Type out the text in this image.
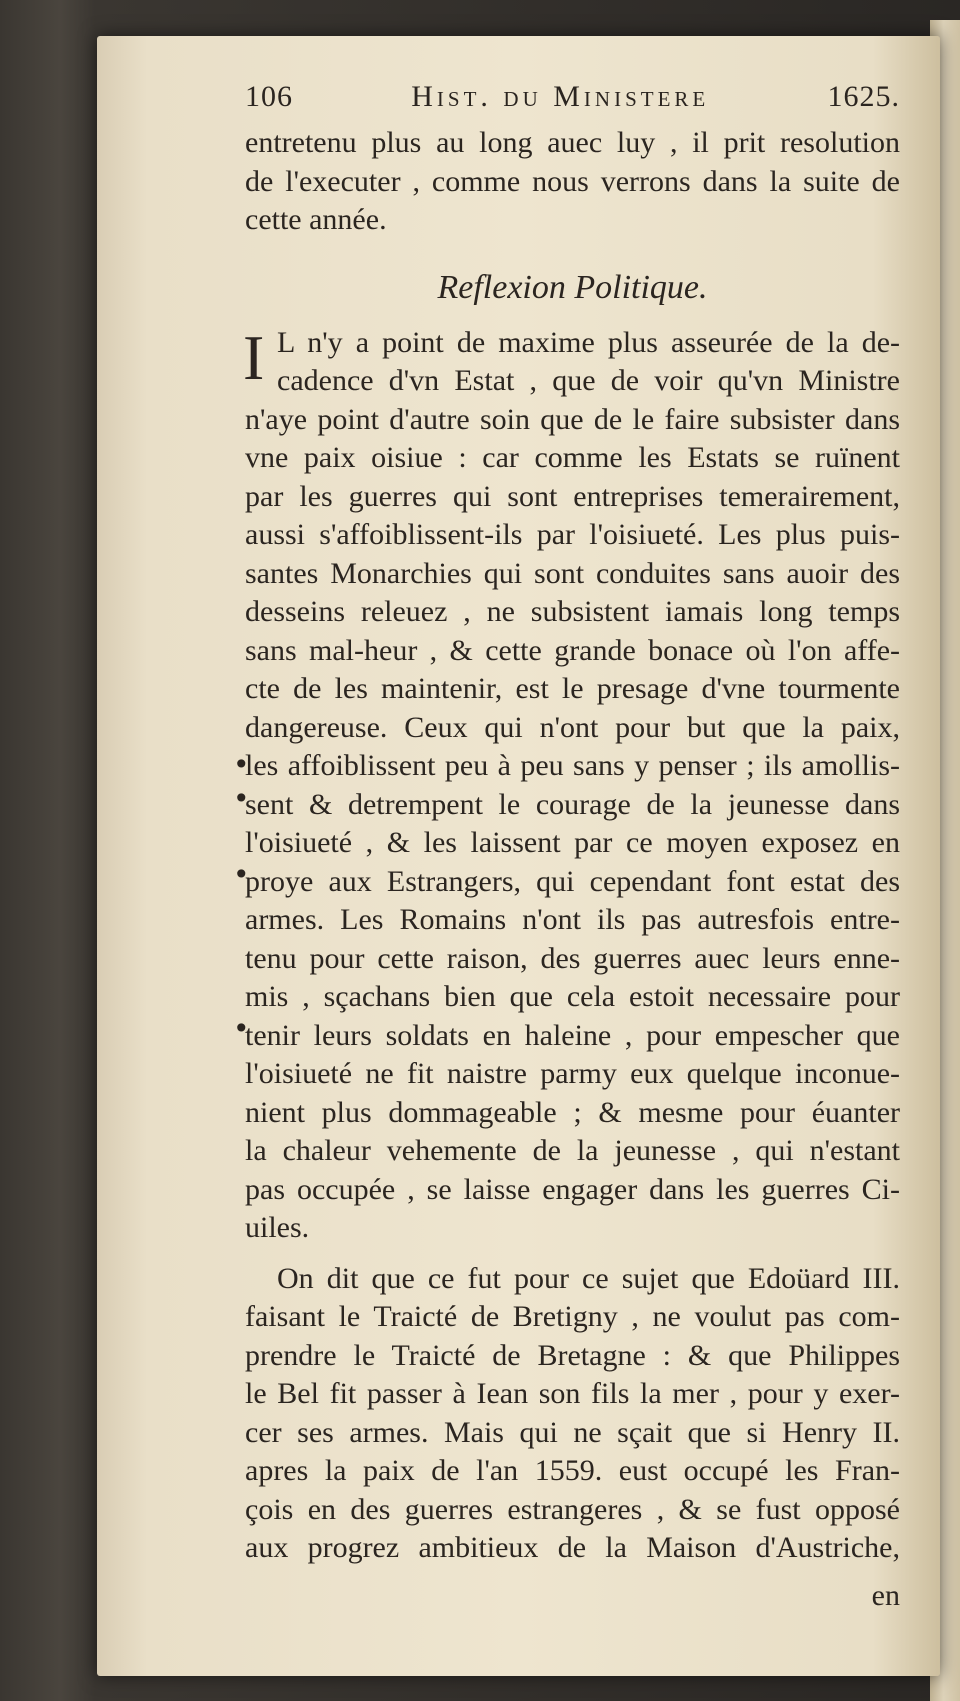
106	Hist. du Ministere	1625.
entretenu plus au long auec luy , il prit resolution
de l'executer , comme nous verrons dans la suite de
cette année.
Reflexion Politique.
I L n'y a point de maxime plus asseurée de la de-
cadence d'vn Estat , que de voir qu'vn Ministre
n'aye point d'autre soin que de le faire subsister dans
vne paix oisiue : car comme les Estats se ruïnent
par les guerres qui sont entreprises temerairement,
aussi s'affoiblissent-ils par l'oisiueté. Les plus puis-
santes Monarchies qui sont conduites sans auoir des
desseins releuez , ne subsistent iamais long temps
sans mal-heur , & cette grande bonace où l'on affe-
cte de les maintenir, est le presage d'vne tourmente
dangereuse. Ceux qui n'ont pour but que la paix,
les affoiblissent peu à peu sans y penser ; ils amollis-
sent & detrempent le courage de la jeunesse dans
l'oisiueté , & les laissent par ce moyen exposez en
proye aux Estrangers, qui cependant font estat des
armes. Les Romains n'ont ils pas autresfois entre-
tenu pour cette raison, des guerres auec leurs enne-
mis , sçachans bien que cela estoit necessaire pour
tenir leurs soldats en haleine , pour empescher que
l'oisiueté ne fit naistre parmy eux quelque inconue-
nient plus dommageable ; & mesme pour éuanter
la chaleur vehemente de la jeunesse , qui n'estant
pas occupée , se laisse engager dans les guerres Ci-
uiles.
On dit que ce fut pour ce sujet que Edoüard III.
faisant le Traicté de Bretigny , ne voulut pas com-
prendre le Traicté de Bretagne : & que Philippes
le Bel fit passer à Iean son fils la mer , pour y exer-
cer ses armes. Mais qui ne sçait que si Henry II.
apres la paix de l'an 1559. eust occupé les Fran-
çois en des guerres estrangeres , & se fust opposé
aux progrez ambitieux de la Maison d'Austriche,
en
•
•
•
•
